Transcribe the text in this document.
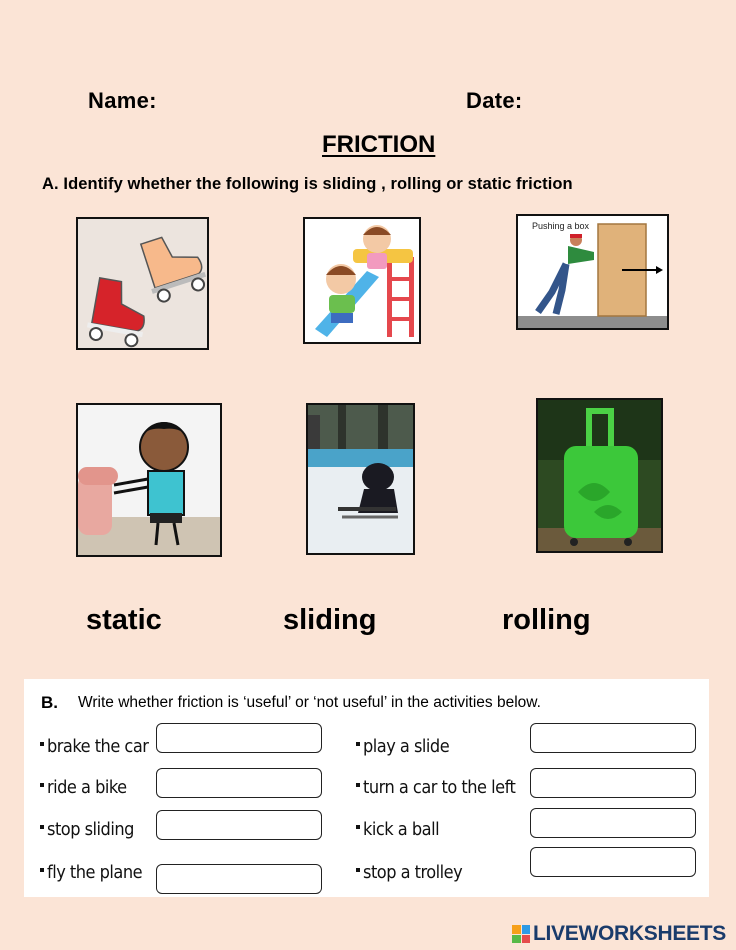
Name:	Date:
FRICTION
A. Identify whether the following is sliding , rolling or static friction
Pushing a box
static	sliding	rolling
B. Write whether friction is ‘useful’ or ‘not useful’ in the activities below.
brake the car
ride a bike
stop sliding
fly the plane
play a slide
turn a car to the left
kick a ball
stop a trolley
LIVEWORKSHEETS
